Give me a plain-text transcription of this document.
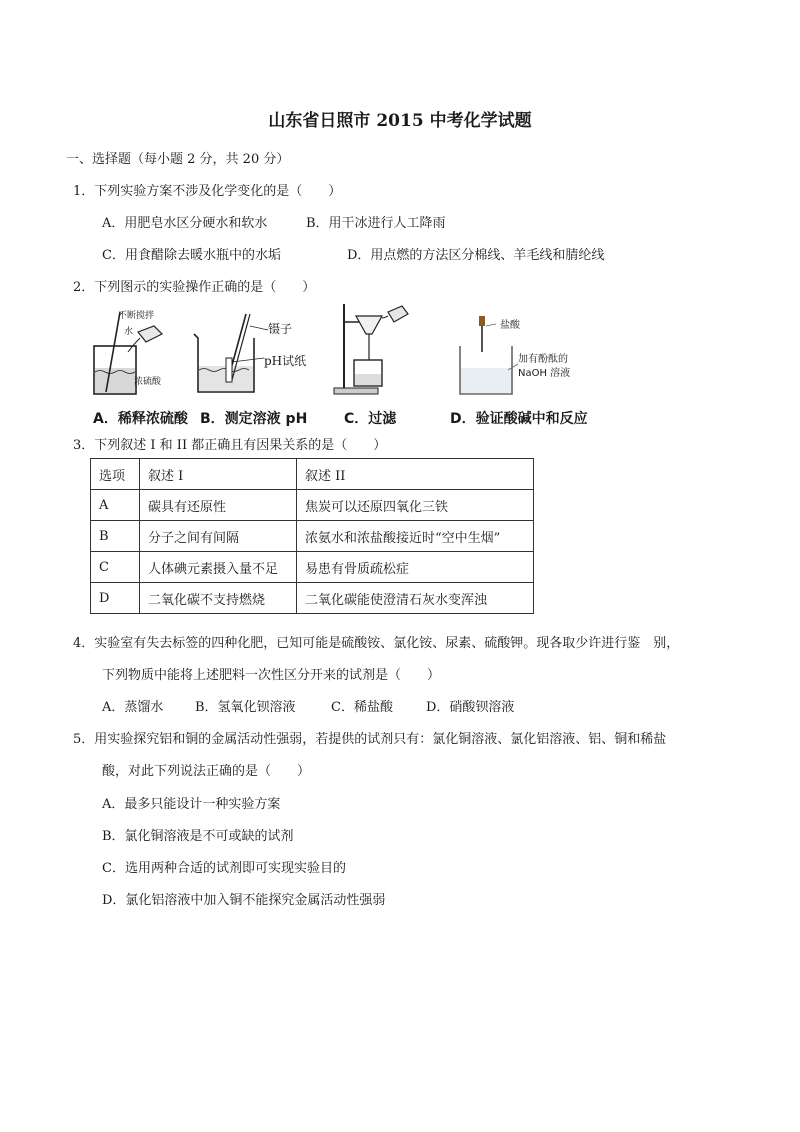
山东省日照市 2015 中考化学试题
一、选择题（每小题 2 分，共 20 分）
1．下列实验方案不涉及化学变化的是（　　）
A．用肥皂水区分硬水和软水	B．用干冰进行人工降雨
C．用食醋除去暖水瓶中的水垢	D．用点燃的方法区分棉线、羊毛线和腈纶线
2．下列图示的实验操作正确的是（　　）
不断搅拌
水
浓硫酸
镊子
pH试纸
盐酸
加有酚酞的
NaOH 溶液
A．稀释浓硫酸 B．测定溶液 pH	C．过滤	D．验证酸碱中和反应
3．下列叙述 I 和 II 都正确且有因果关系的是（　　）
选项	叙述 I	叙述 II
A	碳具有还原性	焦炭可以还原四氧化三铁
B	分子之间有间隔	浓氨水和浓盐酸接近时“空中生烟”
C	人体碘元素摄入量不足	易患有骨质疏松症
D	二氧化碳不支持燃烧	二氧化碳能使澄清石灰水变浑浊
4．实验室有失去标签的四种化肥，已知可能是硫酸铵、氯化铵、尿素、硫酸钾。现各取少许进行鉴　别，
下列物质中能将上述肥料一次性区分开来的试剂是（　　）
A．蒸馏水 B．氢氧化钡溶液	C．稀盐酸	D．硝酸钡溶液
5．用实验探究铝和铜的金属活动性强弱，若提供的试剂只有：氯化铜溶液、氯化铝溶液、铝、铜和稀盐
酸，对此下列说法正确的是（　　）
A．最多只能设计一种实验方案
B．氯化铜溶液是不可或缺的试剂
C．选用两种合适的试剂即可实现实验目的
D．氯化铝溶液中加入铜不能探究金属活动性强弱
